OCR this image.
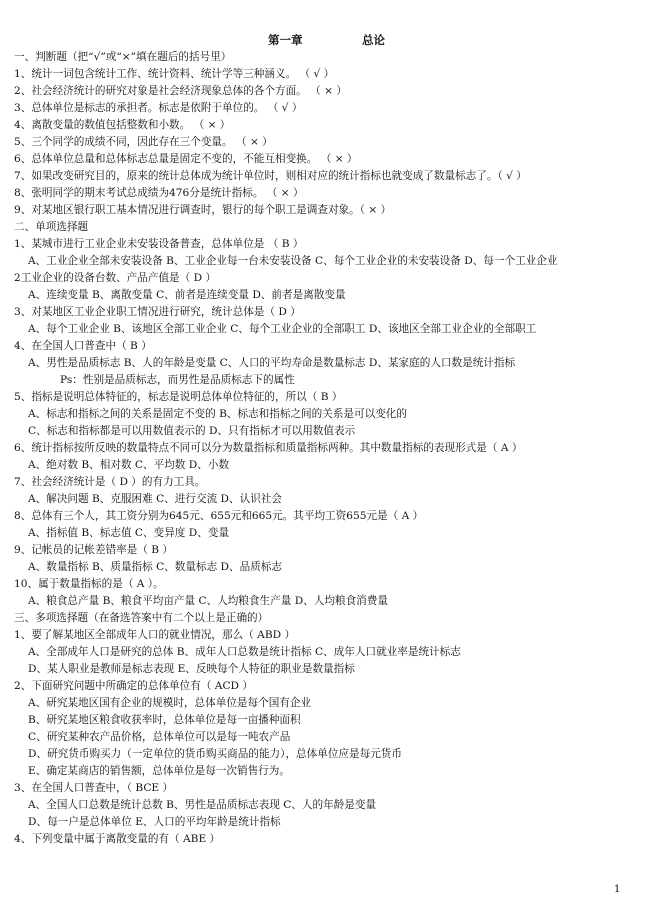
第一章	总论
一、判断题（把“√”或“×”填在题后的括号里）
1、统计一词包含统计工作、统计资料、统计学等三种涵义。 （ √ ）
2、社会经济统计的研究对象是社会经济现象总体的各个方面。 （ × ）
3、总体单位是标志的承担者。标志是依附于单位的。 （ √ ）
4、离散变量的数值包括整数和小数。 （ × ）
5、三个同学的成绩不同，因此存在三个变量。 （ × ）
6、总体单位总量和总体标志总量是固定不变的，不能互相变换。 （ × ）
7、如果改变研究目的，原来的统计总体成为统计单位时，则相对应的统计指标也就变成了数量标志了。（ √ ）
8、张明同学的期末考试总成绩为476分是统计指标。 （ × ）
9、对某地区银行职工基本情况进行调查时，银行的每个职工是调查对象。（ × ）
二、单项选择题
1、某城市进行工业企业未安装设备普查，总体单位是 （ B ）
A、工业企业全部未安装设备 B、工业企业每一台未安装设备 C、每个工业企业的未安装设备 D、每一个工业企业
2工业企业的设备台数、产品产值是（ D ）
A、连续变量 B、离散变量 C、前者是连续变量 D、前者是离散变量
3、对某地区工业企业职工情况进行研究，统计总体是（ D ）
A、每个工业企业 B、该地区全部工业企业 C、每个工业企业的全部职工 D、该地区全部工业企业的全部职工
4、在全国人口普查中（ B ）
A、男性是品质标志 B、人的年龄是变量 C、人口的平均寿命是数量标志 D、某家庭的人口数是统计指标
Ps：性别是品质标志，而男性是品质标志下的属性
5、指标是说明总体特征的，标志是说明总体单位特征的，所以（ B ）
A、标志和指标之间的关系是固定不变的 B、标志和指标之间的关系是可以变化的
C、标志和指标都是可以用数值表示的 D、只有指标才可以用数值表示
6、统计指标按所反映的数量特点不同可以分为数量指标和质量指标两种。其中数量指标的表现形式是（ A ）
A、绝对数 B、相对数 C、平均数 D、小数
7、社会经济统计是（ D ）的有力工具。
A、解决问题 B、克服困难 C、进行交流 D、认识社会
8、总体有三个人，其工资分别为645元、655元和665元。其平均工资655元是（ A ）
A、指标值 B、标志值 C、变异度 D、变量
9、记帐员的记帐差错率是（ B ）
A、数量指标 B、质量指标 C、数量标志 D、品质标志
10、属于数量指标的是（ A ）。
A、粮食总产量 B、粮食平均亩产量 C、人均粮食生产量 D、人均粮食消费量
三、多项选择题（在备选答案中有二个以上是正确的）
1、要了解某地区全部成年人口的就业情况，那么（ ABD ）
A、全部成年人口是研究的总体 B、成年人口总数是统计指标 C、成年人口就业率是统计标志
D、某人职业是教师是标志表现 E、反映每个人特征的职业是数量指标
2、下面研究问题中所确定的总体单位有（ ACD ）
A、研究某地区国有企业的规模时，总体单位是每个国有企业
B、研究某地区粮食收获率时，总体单位是每一亩播种面积
C、研究某种农产品价格，总体单位可以是每一吨农产品
D、研究货币购买力（一定单位的货币购买商品的能力），总体单位应是每元货币
E、确定某商店的销售额，总体单位是每一次销售行为。
3、在全国人口普查中，（ BCE ）
A、全国人口总数是统计总数 B、男性是品质标志表现 C、人的年龄是变量
D、每一户是总体单位 E、人口的平均年龄是统计指标
4、下列变量中属于离散变量的有（ ABE ）
1
